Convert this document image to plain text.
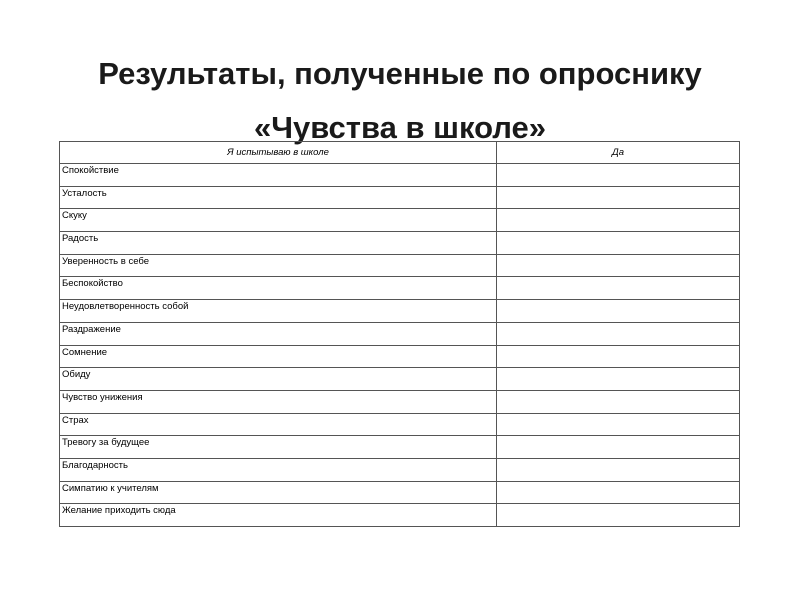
Результаты, полученные по опроснику
«Чувства в школе»
Я испытываю в школе	Да
Спокойствие	
Усталость	
Скуку	
Радость	
Уверенность в себе	
Беспокойство	
Неудовлетворенность собой	
Раздражение	
Сомнение	
Обиду	
Чувство унижения	
Страх	
Тревогу за будущее	
Благодарность	
Симпатию к учителям	
Желание приходить сюда	
